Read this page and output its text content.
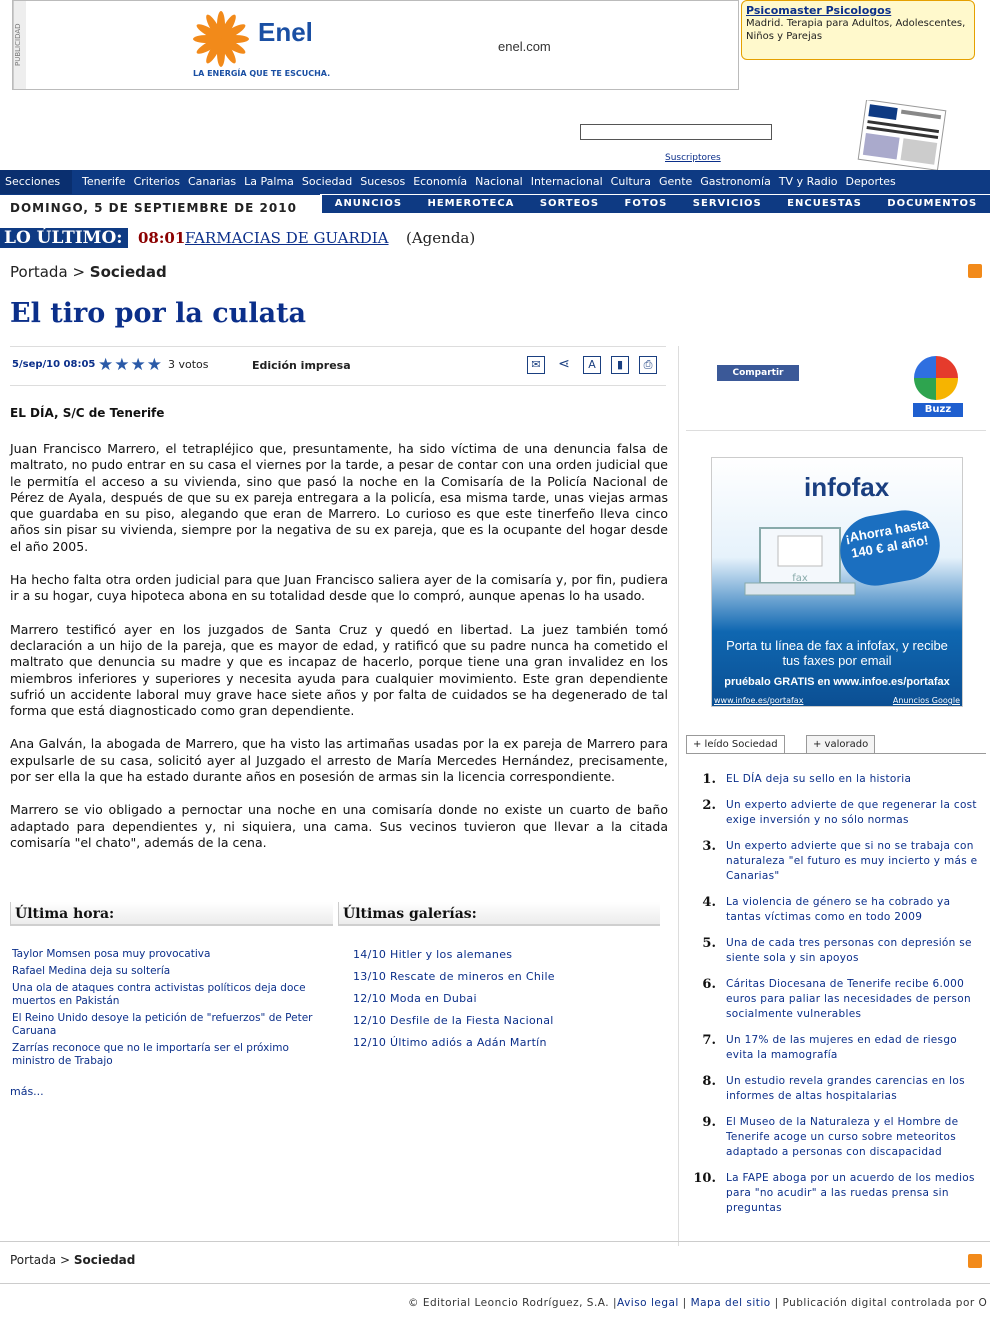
PUBLICIDAD	Enel
LA ENERGÍA QUE TE ESCUCHA.
enel.com
Psicomaster Psicologos
Madrid. Terapia para Adultos, Adolescentes, Niños y Parejas
Suscriptores
Secciones	Tenerife Criterios Canarias La Palma Sociedad Sucesos Economía Nacional Internacional Cultura Gente Gastronomía TV y Radio Deportes
DOMINGO, 5 DE SEPTIEMBRE DE 2010	ANUNCIOS	HEMEROTECA	SORTEOS	FOTOS	SERVICIOS	ENCUESTAS	DOCUMENTOS
LO ÚLTIMO:	08:01 FARMACIAS DE GUARDIA (Agenda)
Portada > Sociedad
El tiro por la culata
5/sep/10 08:05 ★ ★ ★ ★ 3 votos	Edición impresa	✉	⋖	A	▮	⎙
EL DÍA, S/C de Tenerife

Juan Francisco Marrero, el tetrapléjico que, presuntamente, ha sido víctima de una denuncia falsa de maltrato, no pudo entrar en su casa el viernes por la tarde, a pesar de contar con una orden judicial que le permitía el acceso a su vivienda, sino que pasó la noche en la Comisaría de la Policía Nacional de Pérez de Ayala, después de que su ex pareja entregara a la policía, esa misma tarde, unas viejas armas que guardaba en su piso, alegando que eran de Marrero. Lo curioso es que este tinerfeño lleva cinco años sin pisar su vivienda, siempre por la negativa de su ex pareja, que es la ocupante del hogar desde el año 2005.

Ha hecho falta otra orden judicial para que Juan Francisco saliera ayer de la comisaría y, por fin, pudiera ir a su hogar, cuya hipoteca abona en su totalidad desde que lo compró, aunque apenas lo ha usado.

Marrero testificó ayer en los juzgados de Santa Cruz y quedó en libertad. La juez también tomó declaración a un hijo de la pareja, que es mayor de edad, y ratificó que su padre nunca ha cometido el maltrato que denuncia su madre y que es incapaz de hacerlo, porque tiene una gran invalidez en los miembros inferiores y superiores y necesita ayuda para cualquier movimiento. Este gran dependiente sufrió un accidente laboral muy grave hace siete años y por falta de cuidados se ha degenerado de tal forma que está diagnosticado como gran dependiente.

Ana Galván, la abogada de Marrero, que ha visto las artimañas usadas por la ex pareja de Marrero para expulsarle de su casa, solicitó ayer al Juzgado el arresto de María Mercedes Hernández, precisamente, por ser ella la que ha estado durante años en posesión de armas sin la licencia correspondiente.

Marrero se vio obligado a pernoctar una noche en una comisaría donde no existe un cuarto de baño adaptado para dependientes y, ni siquiera, una cama. Sus vecinos tuvieron que llevar a la citada comisaría "el chato", además de la cena.

Última hora:	Últimas galerías:
Taylor Momsen posa muy provocativa
Rafael Medina deja su soltería
Una ola de ataques contra activistas políticos deja doce muertos en Pakistán
El Reino Unido desoye la petición de "refuerzos" de Peter Caruana
Zarrías reconoce que no le importaría ser el próximo ministro de Trabajo
más...
14/10 Hitler y los alemanes
13/10 Rescate de mineros en Chile
12/10 Moda en Dubai
12/10 Desfile de la Fiesta Nacional
12/10 Último adiós a Adán Martín
Compartir
Buzz
infofax
fax
¡Ahorra hasta 140 € al año!
Porta tu línea de fax a infofax, y recibe tus faxes por email
pruébalo GRATIS en www.infoe.es/portafax
www.infoe.es/portafax	Anuncios Google
+ leído Sociedad	+ valorado
1. EL DÍA deja su sello en la historia
2. Un experto advierte de que regenerar la cost
exige inversión y no sólo normas
3. Un experto advierte que si no se trabaja con
naturaleza "el futuro es muy incierto y más e
Canarias"
4. La violencia de género se ha cobrado ya
tantas víctimas como en todo 2009
5. Una de cada tres personas con depresión se
siente sola y sin apoyos
6. Cáritas Diocesana de Tenerife recibe 6.000
euros para paliar las necesidades de person
socialmente vulnerables
7. Un 17% de las mujeres en edad de riesgo
evita la mamografía
8. Un estudio revela grandes carencias en los
informes de altas hospitalarias
9. El Museo de la Naturaleza y el Hombre de
Tenerife acoge un curso sobre meteoritos
adaptado a personas con discapacidad
10. La FAPE aboga por un acuerdo de los medios
para "no acudir" a las ruedas prensa sin
preguntas
Portada > Sociedad
© Editorial Leoncio Rodríguez, S.A. |Aviso legal | Mapa del sitio | Publicación digital controlada por O
